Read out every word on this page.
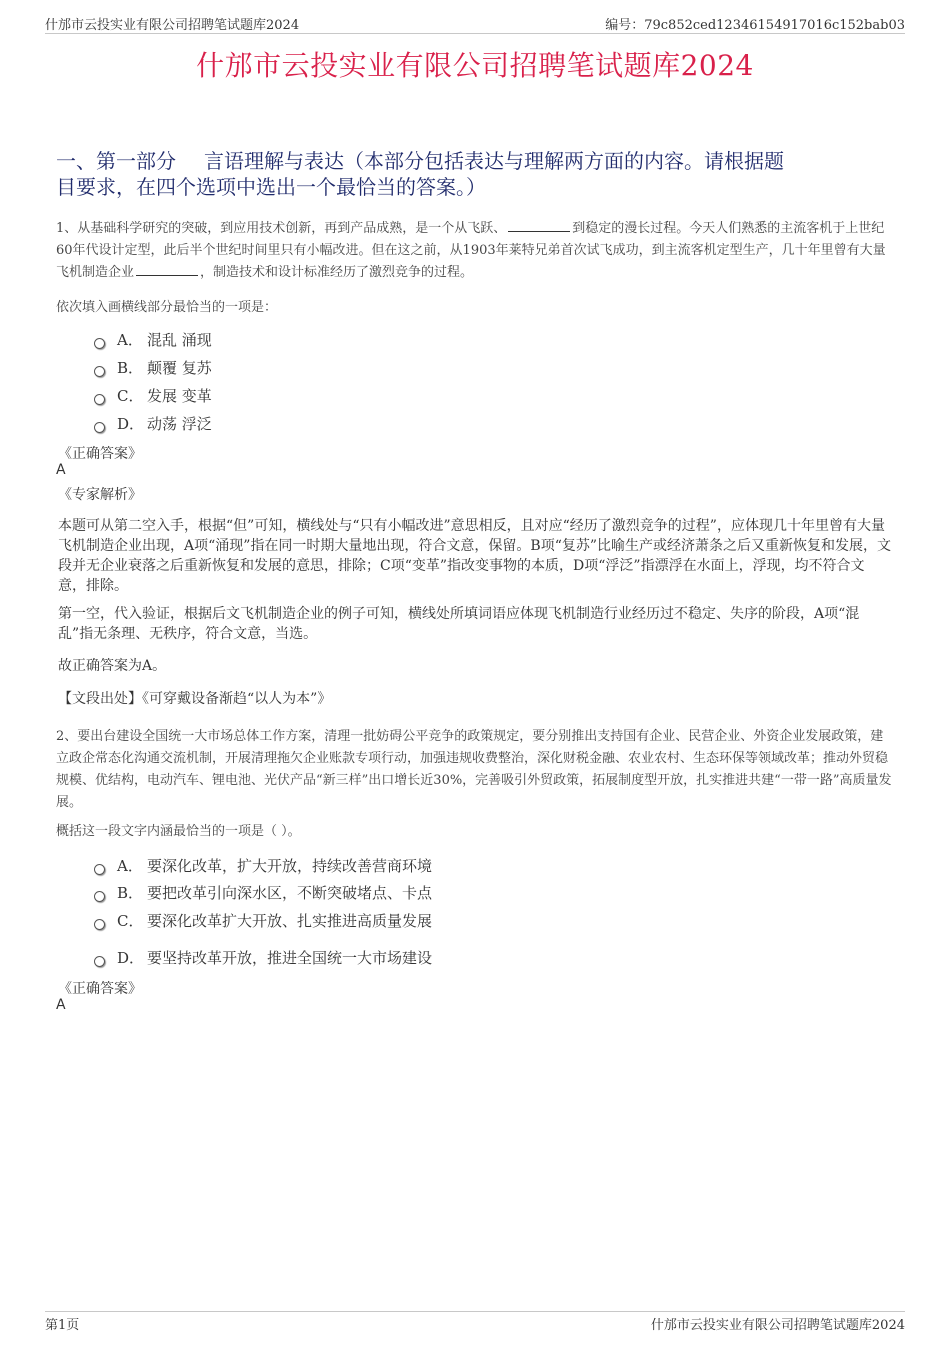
什邡市云投实业有限公司招聘笔试题库2024	编号：79c852ced12346154917016c152bab03
什邡市云投实业有限公司招聘笔试题库2024
一、第一部分 言语理解与表达（本部分包括表达与理解两方面的内容。请根据题
目要求，在四个选项中选出一个最恰当的答案。）
1、从基础科学研究的突破，到应用技术创新，再到产品成熟，是一个从飞跃、	到稳定的漫长过程。今天人们熟悉的主流客机于上世纪60年代设计定型，此后半个世纪时间里只有小幅改进。但在这之前，从1903年莱特兄弟首次试飞成功，到主流客机定型生产，几十年里曾有大量飞机制造企业	，制造技术和设计标准经历了激烈竞争的过程。
依次填入画横线部分最恰当的一项是：
A． 混乱 涌现
B． 颠覆 复苏
C． 发展 变革
D． 动荡 浮泛
《正确答案》
A
《专家解析》
本题可从第二空入手，根据“但”可知，横线处与“只有小幅改进”意思相反，且对应“经历了激烈竞争的过程”，应体现几十年里曾有大量飞机制造企业出现，A项“涌现”指在同一时期大量地出现，符合文意，保留。B项“复苏”比喻生产或经济萧条之后又重新恢复和发展，文段并无企业衰落之后重新恢复和发展的意思，排除；C项“变革”指改变事物的本质，D项“浮泛”指漂浮在水面上，浮现，均不符合文意，排除。
第一空，代入验证，根据后文飞机制造企业的例子可知，横线处所填词语应体现飞机制造行业经历过不稳定、失序的阶段，A项“混乱”指无条理、无秩序，符合文意，当选。
故正确答案为A。
【文段出处】《可穿戴设备渐趋“以人为本”》
2、要出台建设全国统一大市场总体工作方案，清理一批妨碍公平竞争的政策规定，要分别推出支持国有企业、民营企业、外资企业发展政策，建立政企常态化沟通交流机制，开展清理拖欠企业账款专项行动，加强违规收费整治，深化财税金融、农业农村、生态环保等领域改革；推动外贸稳规模、优结构，电动汽车、锂电池、光伏产品“新三样”出口增长近30%，完善吸引外贸政策，拓展制度型开放，扎实推进共建“一带一路”高质量发展。
概括这一段文字内涵最恰当的一项是（ ）。
A． 要深化改革，扩大开放，持续改善营商环境
B． 要把改革引向深水区，不断突破堵点、卡点
C． 要深化改革扩大开放、扎实推进高质量发展
D． 要坚持改革开放，推进全国统一大市场建设
《正确答案》
A
第1页	什邡市云投实业有限公司招聘笔试题库2024
